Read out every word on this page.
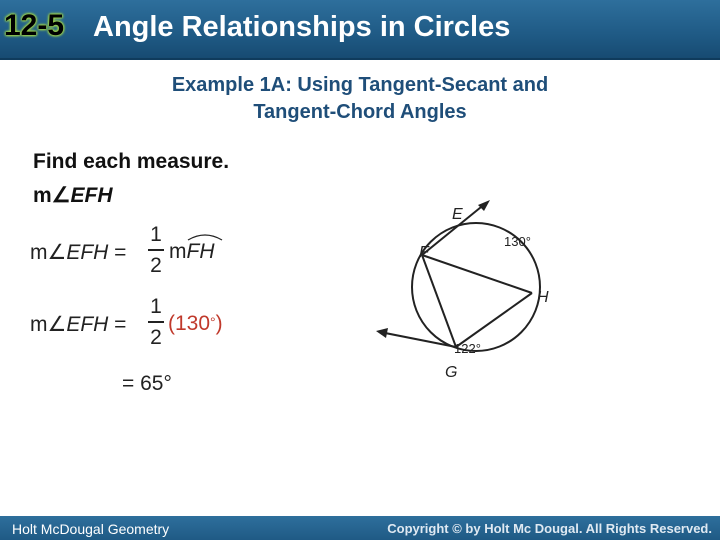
12-5 Angle Relationships in Circles
Example 1A: Using Tangent-Secant and
Tangent-Chord Angles
Find each measure.
m∠EFH
m∠EFH =
1
2
mFH
m∠EFH =
1
2
(130°)
= 65°
E
F
H
G
130°
122°
Holt McDougal Geometry	Copyright © by Holt Mc Dougal. All Rights Reserved.
